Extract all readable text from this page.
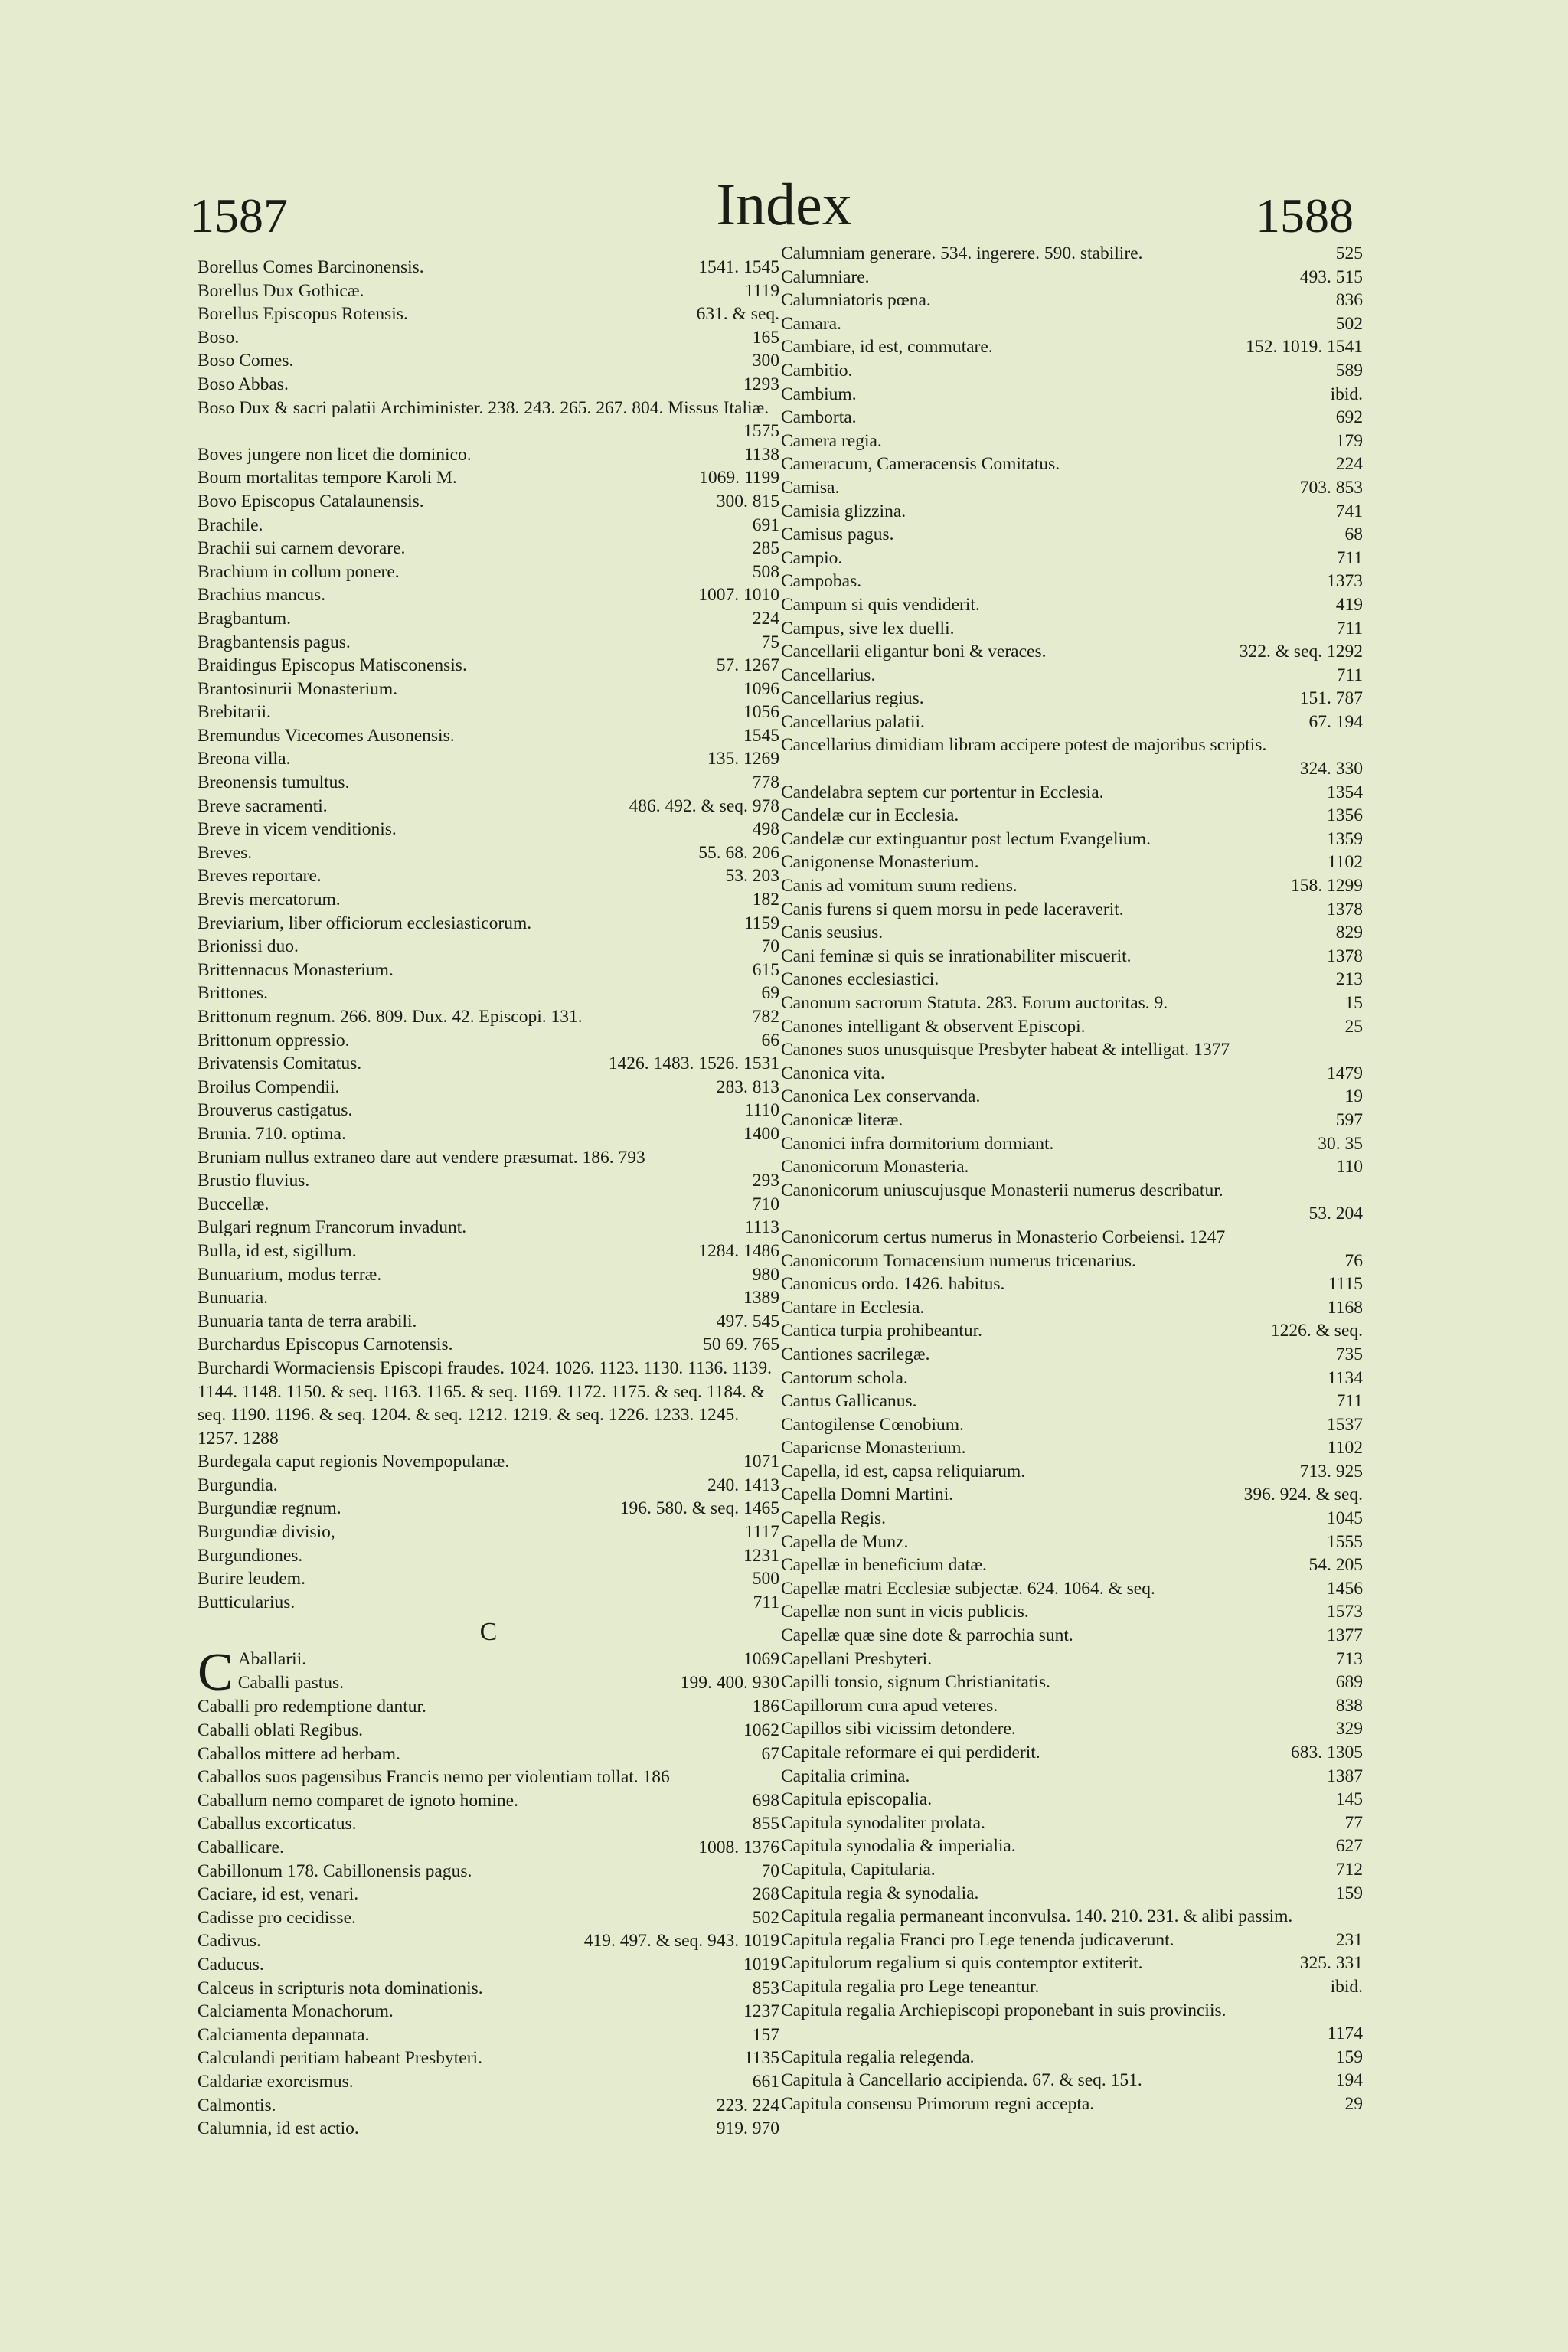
1587	Index	1588
Borellus Comes Barcinonensis.	1541. 1545
Borellus Dux Gothicæ.	1119
Borellus Episcopus Rotensis.	631. & seq.
Boso.	165
Boso Comes.	300
Boso Abbas.	1293
Boso Dux & sacri palatii Archiminister. 238. 243. 265. 267. 804. Missus Italiæ.
1575
Boves jungere non licet die dominico.	1138
Boum mortalitas tempore Karoli M.	1069. 1199
Bovo Episcopus Catalaunensis.	300. 815
Brachile.	691
Brachii sui carnem devorare.	285
Brachium in collum ponere.	508
Brachius mancus.	1007. 1010
Bragbantum.	224
Bragbantensis pagus.	75
Braidingus Episcopus Matisconensis.	57. 1267
Brantosinurii Monasterium.	1096
Brebitarii.	1056
Bremundus Vicecomes Ausonensis.	1545
Breona villa.	135. 1269
Breonensis tumultus.	778
Breve sacramenti.	486. 492. & seq. 978
Breve in vicem venditionis.	498
Breves.	55. 68. 206
Breves reportare.	53. 203
Brevis mercatorum.	182
Breviarium, liber officiorum ecclesiasticorum.	1159
Brionissi duo.	70
Brittennacus Monasterium.	615
Brittones.	69
Brittonum regnum. 266. 809. Dux. 42. Episcopi. 131.	782
Brittonum oppressio.	66
Brivatensis Comitatus.	1426. 1483. 1526. 1531
Broilus Compendii.	283. 813
Brouverus castigatus.	1110
Brunia. 710. optima.	1400
Bruniam nullus extraneo dare aut vendere præsumat. 186. 793
Brustio fluvius.	293
Buccellæ.	710
Bulgari regnum Francorum invadunt.	1113
Bulla, id est, sigillum.	1284. 1486
Bunuarium, modus terræ.	980
Bunuaria.	1389
Bunuaria tanta de terra arabili.	497. 545
Burchardus Episcopus Carnotensis.	50 69. 765
Burchardi Wormaciensis Episcopi fraudes. 1024. 1026. 1123. 1130. 1136. 1139. 1144. 1148. 1150. & seq. 1163. 1165. & seq. 1169. 1172. 1175. & seq. 1184. & seq. 1190. 1196. & seq. 1204. & seq. 1212. 1219. & seq. 1226. 1233. 1245. 1257. 1288
Burdegala caput regionis Novempopulanæ.	1071
Burgundia.	240. 1413
Burgundiæ regnum.	196. 580. & seq. 1465
Burgundiæ divisio,	1117
Burgundiones.	1231
Burire leudem.	500
Butticularius.	711
C
C Aballarii.	1069
Caballi pastus.	199. 400. 930
Caballi pro redemptione dantur.	186
Caballi oblati Regibus.	1062
Caballos mittere ad herbam.	67
Caballos suos pagensibus Francis nemo per violentiam tollat. 186
Caballum nemo comparet de ignoto homine.	698
Caballus excorticatus.	855
Caballicare.	1008. 1376
Cabillonum 178. Cabillonensis pagus.	70
Caciare, id est, venari.	268
Cadisse pro cecidisse.	502
Cadivus.	419. 497. & seq. 943. 1019
Caducus.	1019
Calceus in scripturis nota dominationis.	853
Calciamenta Monachorum.	1237
Calciamenta depannata.	157
Calculandi peritiam habeant Presbyteri.	1135
Caldariæ exorcismus.	661
Calmontis.	223. 224
Calumnia, id est actio.	919. 970
Calumniam generare. 534. ingerere. 590. stabilire.	525
Calumniare.	493. 515
Calumniatoris pœna.	836
Camara.	502
Cambiare, id est, commutare.	152. 1019. 1541
Cambitio.	589
Cambium.	ibid.
Camborta.	692
Camera regia.	179
Cameracum, Cameracensis Comitatus.	224
Camisa.	703. 853
Camisia glizzina.	741
Camisus pagus.	68
Campio.	711
Campobas.	1373
Campum si quis vendiderit.	419
Campus, sive lex duelli.	711
Cancellarii eligantur boni & veraces.	322. & seq. 1292
Cancellarius.	711
Cancellarius regius.	151. 787
Cancellarius palatii.	67. 194
Cancellarius dimidiam libram accipere potest de majoribus scriptis.
324. 330
Candelabra septem cur portentur in Ecclesia.	1354
Candelæ cur in Ecclesia.	1356
Candelæ cur extinguantur post lectum Evangelium.	1359
Canigonense Monasterium.	1102
Canis ad vomitum suum rediens.	158. 1299
Canis furens si quem morsu in pede laceraverit.	1378
Canis seusius.	829
Cani feminæ si quis se inrationabiliter miscuerit.	1378
Canones ecclesiastici.	213
Canonum sacrorum Statuta. 283. Eorum auctoritas. 9.	15
Canones intelligant & observent Episcopi.	25
Canones suos unusquisque Presbyter habeat & intelligat. 1377
Canonica vita.	1479
Canonica Lex conservanda.	19
Canonicæ literæ.	597
Canonici infra dormitorium dormiant.	30. 35
Canonicorum Monasteria.	110
Canonicorum uniuscujusque Monasterii numerus describatur.
53. 204
Canonicorum certus numerus in Monasterio Corbeiensi. 1247
Canonicorum Tornacensium numerus tricenarius.	76
Canonicus ordo. 1426. habitus.	1115
Cantare in Ecclesia.	1168
Cantica turpia prohibeantur.	1226. & seq.
Cantiones sacrilegæ.	735
Cantorum schola.	1134
Cantus Gallicanus.	711
Cantogilense Cœnobium.	1537
Caparicnse Monasterium.	1102
Capella, id est, capsa reliquiarum.	713. 925
Capella Domni Martini.	396. 924. & seq.
Capella Regis.	1045
Capella de Munz.	1555
Capellæ in beneficium datæ.	54. 205
Capellæ matri Ecclesiæ subjectæ. 624. 1064. & seq.	1456
Capellæ non sunt in vicis publicis.	1573
Capellæ quæ sine dote & parrochia sunt.	1377
Capellani Presbyteri.	713
Capilli tonsio, signum Christianitatis.	689
Capillorum cura apud veteres.	838
Capillos sibi vicissim detondere.	329
Capitale reformare ei qui perdiderit.	683. 1305
Capitalia crimina.	1387
Capitula episcopalia.	145
Capitula synodaliter prolata.	77
Capitula synodalia & imperialia.	627
Capitula, Capitularia.	712
Capitula regia & synodalia.	159
Capitula regalia permaneant inconvulsa. 140. 210. 231. & alibi passim.
Capitula regalia Franci pro Lege tenenda judicaverunt.	231
Capitulorum regalium si quis contemptor extiterit.	325. 331
Capitula regalia pro Lege teneantur.	ibid.
Capitula regalia Archiepiscopi proponebant in suis provinciis.
1174
Capitula regalia relegenda.	159
Capitula à Cancellario accipienda. 67. & seq. 151.	194
Capitula consensu Primorum regni accepta.	29
